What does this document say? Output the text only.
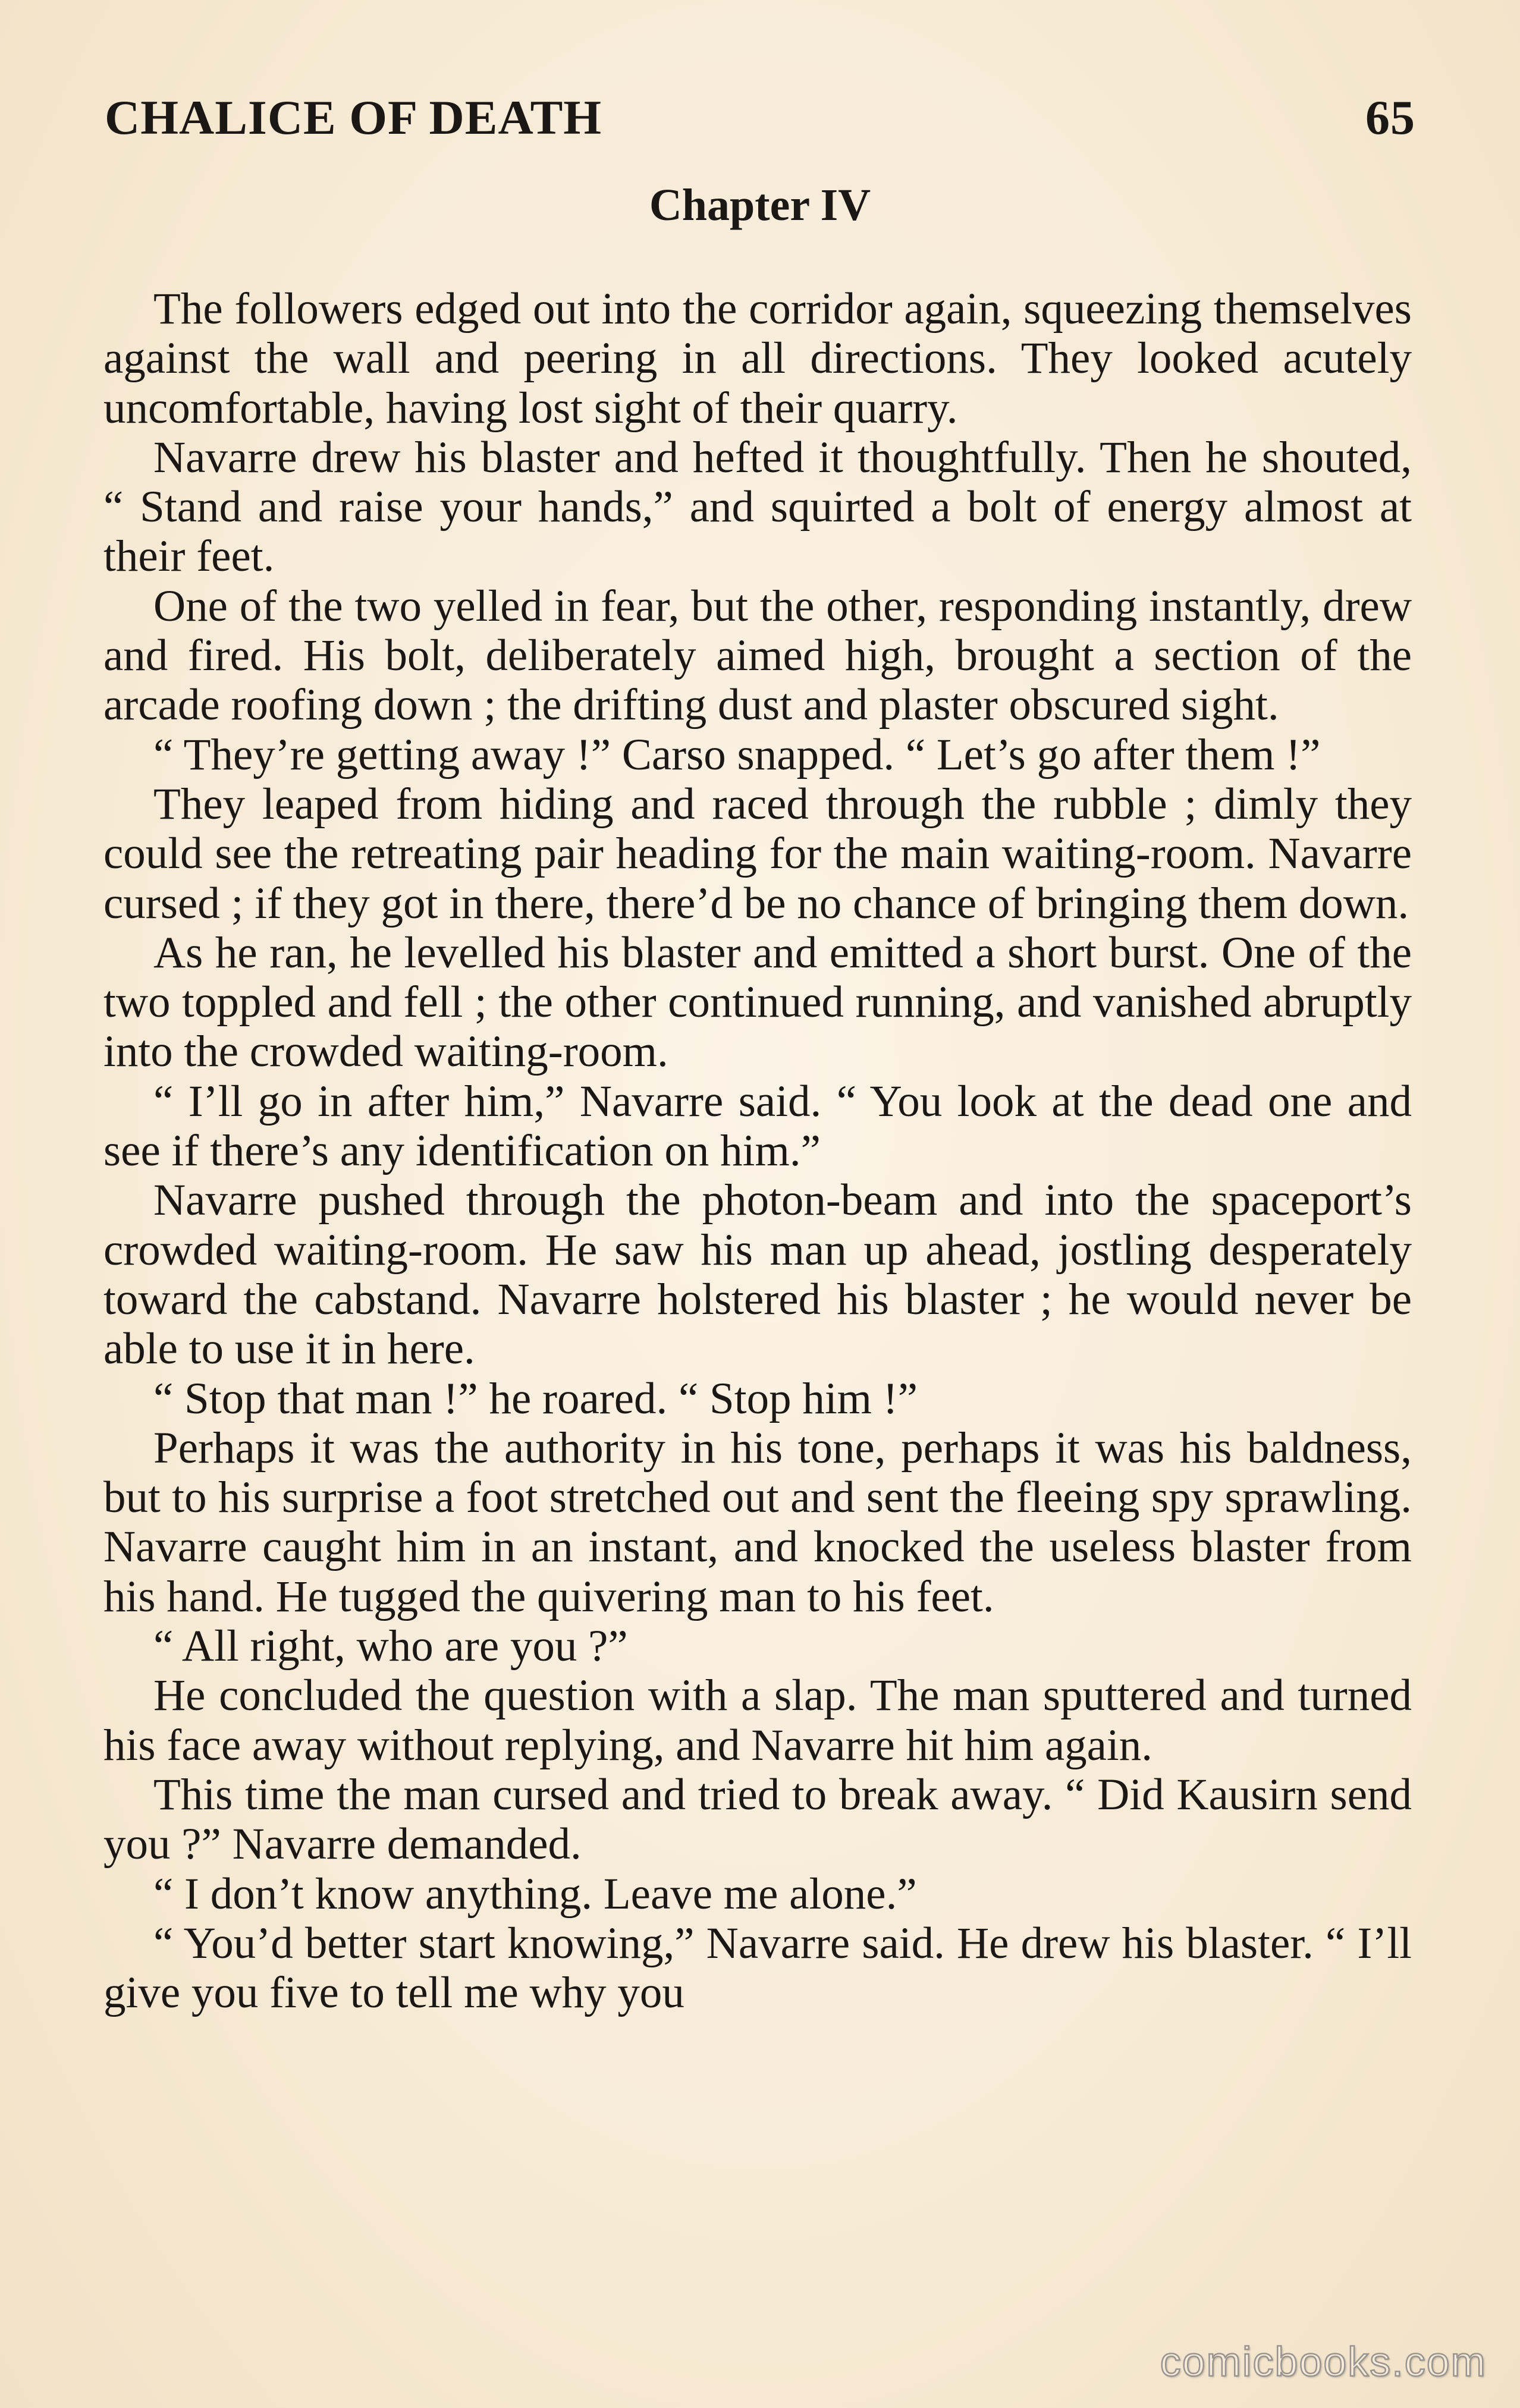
CHALICE OF DEATH	65
Chapter IV

The followers edged out into the corridor again, squeezing themselves against the wall and peering in all directions. They looked acutely uncomfortable, having lost sight of their quarry.

Navarre drew his blaster and hefted it thoughtfully. Then he shouted, “ Stand and raise your hands,” and squirted a bolt of energy almost at their feet.

One of the two yelled in fear, but the other, responding instantly, drew and fired. His bolt, deliberately aimed high, brought a section of the arcade roofing down ; the drifting dust and plaster obscured sight.

“ They’re getting away !” Carso snapped. “ Let’s go after them !”

They leaped from hiding and raced through the rubble ; dimly they could see the retreating pair heading for the main waiting-room. Navarre cursed ; if they got in there, there’d be no chance of bringing them down.

As he ran, he levelled his blaster and emitted a short burst. One of the two toppled and fell ; the other continued running, and vanished abruptly into the crowded waiting-room.

“ I’ll go in after him,” Navarre said. “ You look at the dead one and see if there’s any identification on him.”

Navarre pushed through the photon-beam and into the spaceport’s crowded waiting-room. He saw his man up ahead, jostling desperately toward the cabstand. Navarre holstered his blaster ; he would never be able to use it in here.

“ Stop that man !” he roared. “ Stop him !”

Perhaps it was the authority in his tone, perhaps it was his baldness, but to his surprise a foot stretched out and sent the fleeing spy sprawling. Navarre caught him in an instant, and knocked the useless blaster from his hand. He tugged the quivering man to his feet.

“ All right, who are you ?”

He concluded the question with a slap. The man sputtered and turned his face away without replying, and Navarre hit him again.

This time the man cursed and tried to break away. “ Did Kausirn send you ?” Navarre demanded.

“ I don’t know anything. Leave me alone.”

“ You’d better start knowing,” Navarre said. He drew his blaster. “ I’ll give you five to tell me why you

comicbooks.com
